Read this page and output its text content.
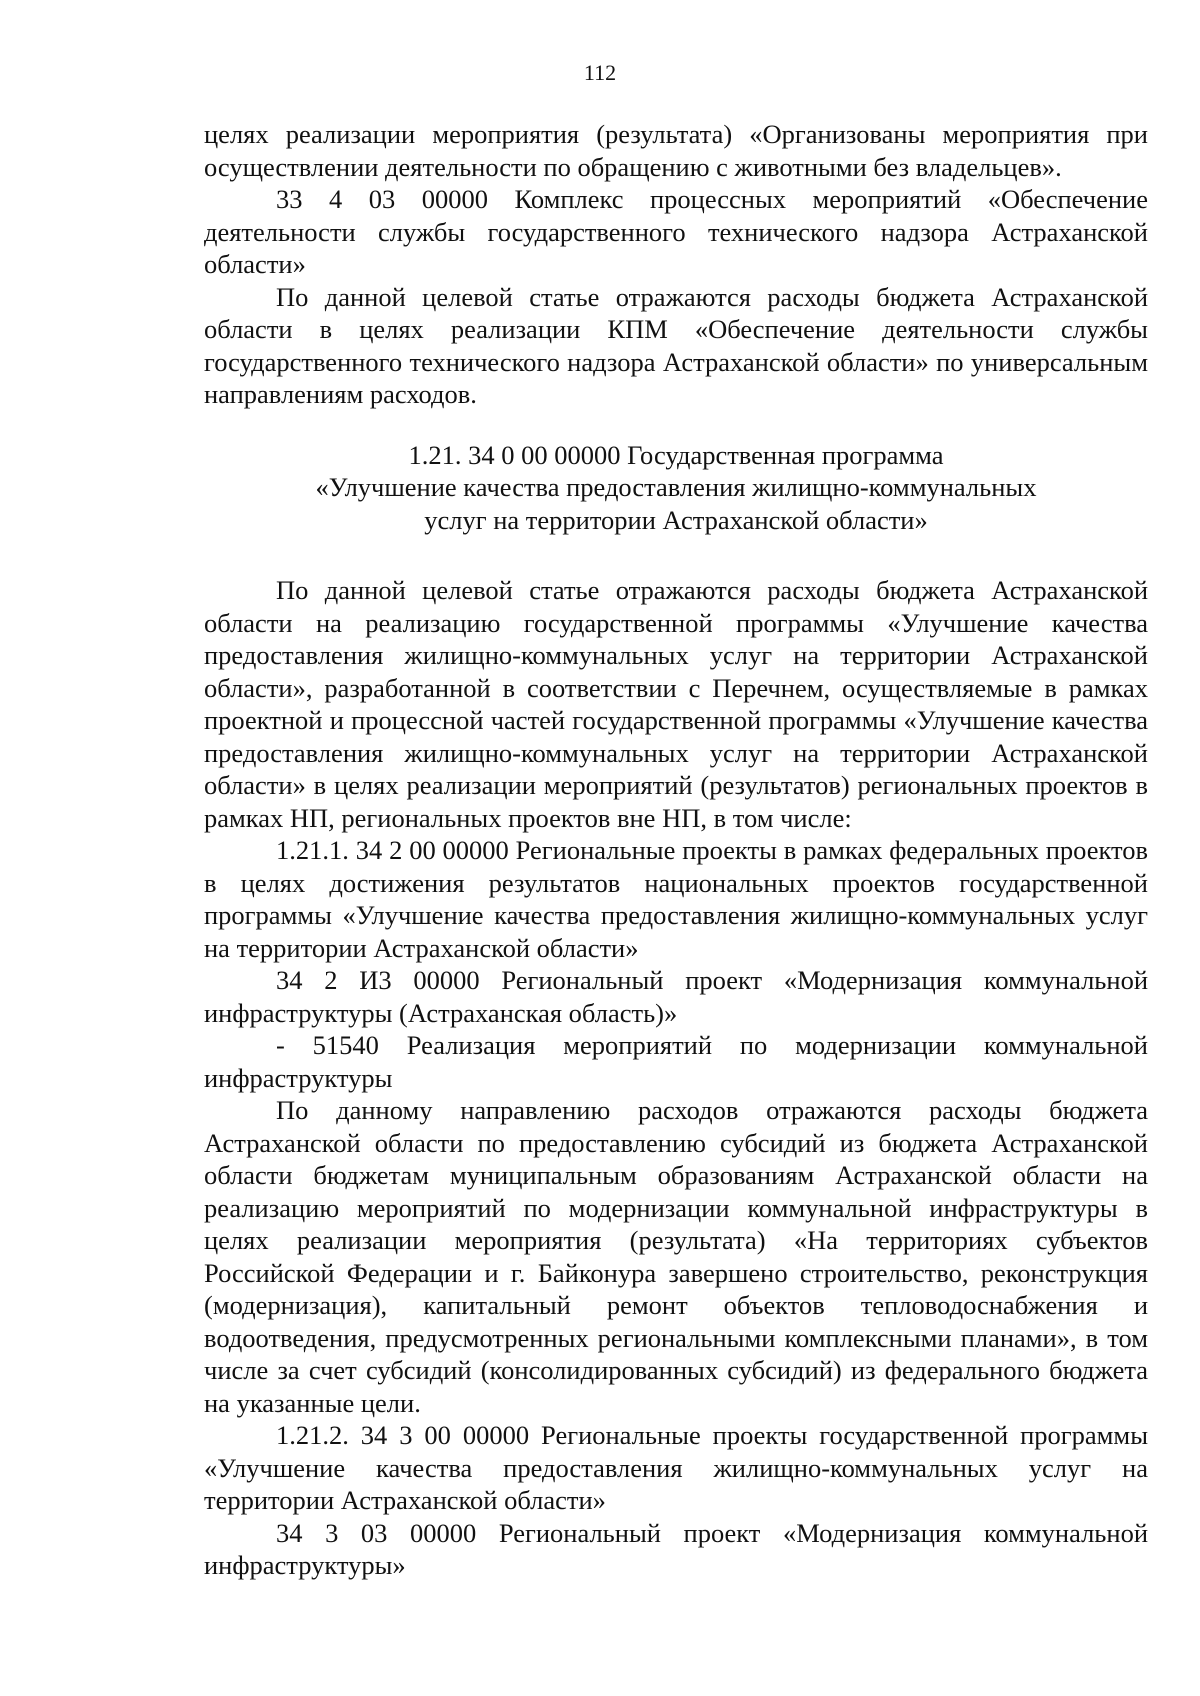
112

целях реализации мероприятия (результата) «Организованы мероприятия при осуществлении деятельности по обращению с животными без владельцев».

33 4 03 00000 Комплекс процессных мероприятий «Обеспечение деятельности службы государственного технического надзора Астраханской области»

По данной целевой статье отражаются расходы бюджета Астраханской области в целях реализации КПМ «Обеспечение деятельности службы государственного технического надзора Астраханской области» по универсальным направлениям расходов.

1.21. 34 0 00 00000 Государственная программа
«Улучшение качества предоставления жилищно-коммунальных
услуг на территории Астраханской области»

По данной целевой статье отражаются расходы бюджета Астраханской области на реализацию государственной программы «Улучшение качества предоставления жилищно-коммунальных услуг на территории Астраханской области», разработанной в соответствии с Перечнем, осуществляемые в рамках проектной и процессной частей государственной программы «Улучшение качества предоставления жилищно-коммунальных услуг на территории Астраханской области» в целях реализации мероприятий (результатов) региональных проектов в рамках НП, региональных проектов вне НП, в том числе:

1.21.1. 34 2 00 00000 Региональные проекты в рамках федеральных проектов в целях достижения результатов национальных проектов государственной программы «Улучшение качества предоставления жилищно-коммунальных услуг на территории Астраханской области»

34 2 И3 00000 Региональный проект «Модернизация коммунальной инфраструктуры (Астраханская область)»

- 51540 Реализация мероприятий по модернизации коммунальной инфраструктуры

По данному направлению расходов отражаются расходы бюджета Астраханской области по предоставлению субсидий из бюджета Астраханской области бюджетам муниципальным образованиям Астраханской области на реализацию мероприятий по модернизации коммунальной инфраструктуры в целях реализации мероприятия (результата) «На территориях субъектов Российской Федерации и г. Байконура завершено строительство, реконструкция (модернизация), капитальный ремонт объектов тепловодоснабжения и водоотведения, предусмотренных региональными комплексными планами», в том числе за счет субсидий (консолидированных субсидий) из федерального бюджета на указанные цели.

1.21.2. 34 3 00 00000 Региональные проекты государственной программы «Улучшение качества предоставления жилищно-коммунальных услуг на территории Астраханской области»

34 3 03 00000 Региональный проект «Модернизация коммунальной инфраструктуры»
